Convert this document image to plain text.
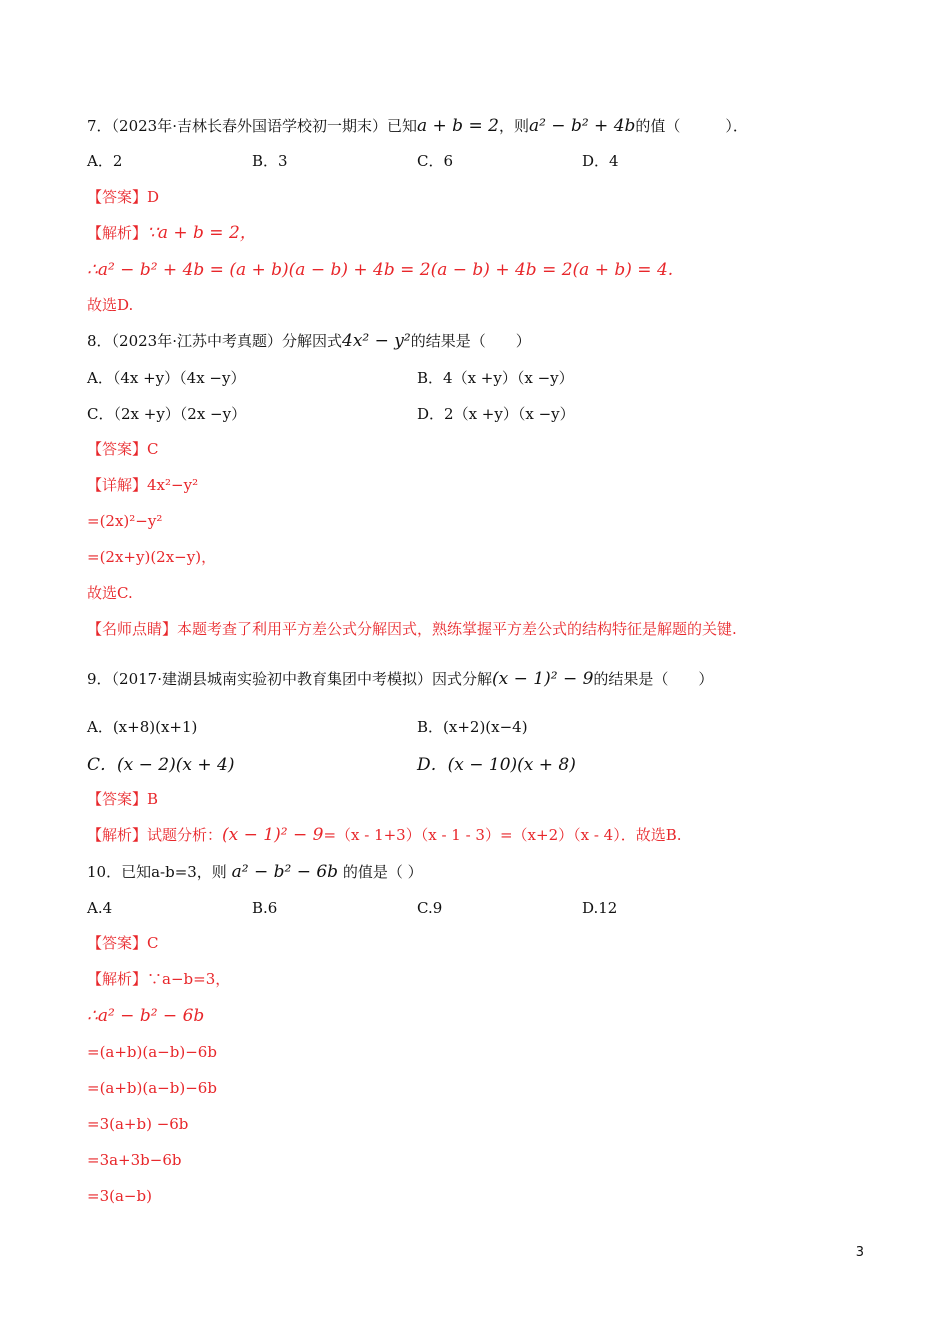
7．（2023年·吉林长春外国语学校初一期末）已知a + b = 2，则a² − b² + 4b的值（　　　）．
A．2	B．3	C．6	D．4
【答案】D
【解析】∵a + b = 2，
∴a² − b² + 4b = (a + b)(a − b) + 4b = 2(a − b) + 4b = 2(a + b) = 4.
故选D.
8．（2023年·江苏中考真题）分解因式4x² − y²的结果是（　　）
A．（4x +y）（4x −y）	B．4（x +y）（x −y）
C．（2x +y）（2x −y）	D．2（x +y）（x −y）
【答案】C
【详解】4x²−y²
=(2x)²−y²
=(2x+y)(2x−y)，
故选C.
【名师点睛】本题考查了利用平方差公式分解因式，熟练掌握平方差公式的结构特征是解题的关键.
9．（2017·建湖县城南实验初中教育集团中考模拟）因式分解(x − 1)² − 9的结果是（　　）
A．(x+8)(x+1)	B．(x+2)(x−4)
C．(x − 2)(x + 4)	D．(x − 10)(x + 8)
【答案】B
【解析】试题分析：(x − 1)² − 9=（x - 1+3）（x - 1 - 3）=（x+2）（x - 4）．故选B.
10．已知a-b=3，则 a² − b² − 6b 的值是（ ）
A.4	B.6	C.9	D.12
【答案】C
【解析】∵a−b=3，
∴a² − b² − 6b
=(a+b)(a−b)−6b
=(a+b)(a−b)−6b
=3(a+b) −6b
=3a+3b−6b
=3(a−b)
3
